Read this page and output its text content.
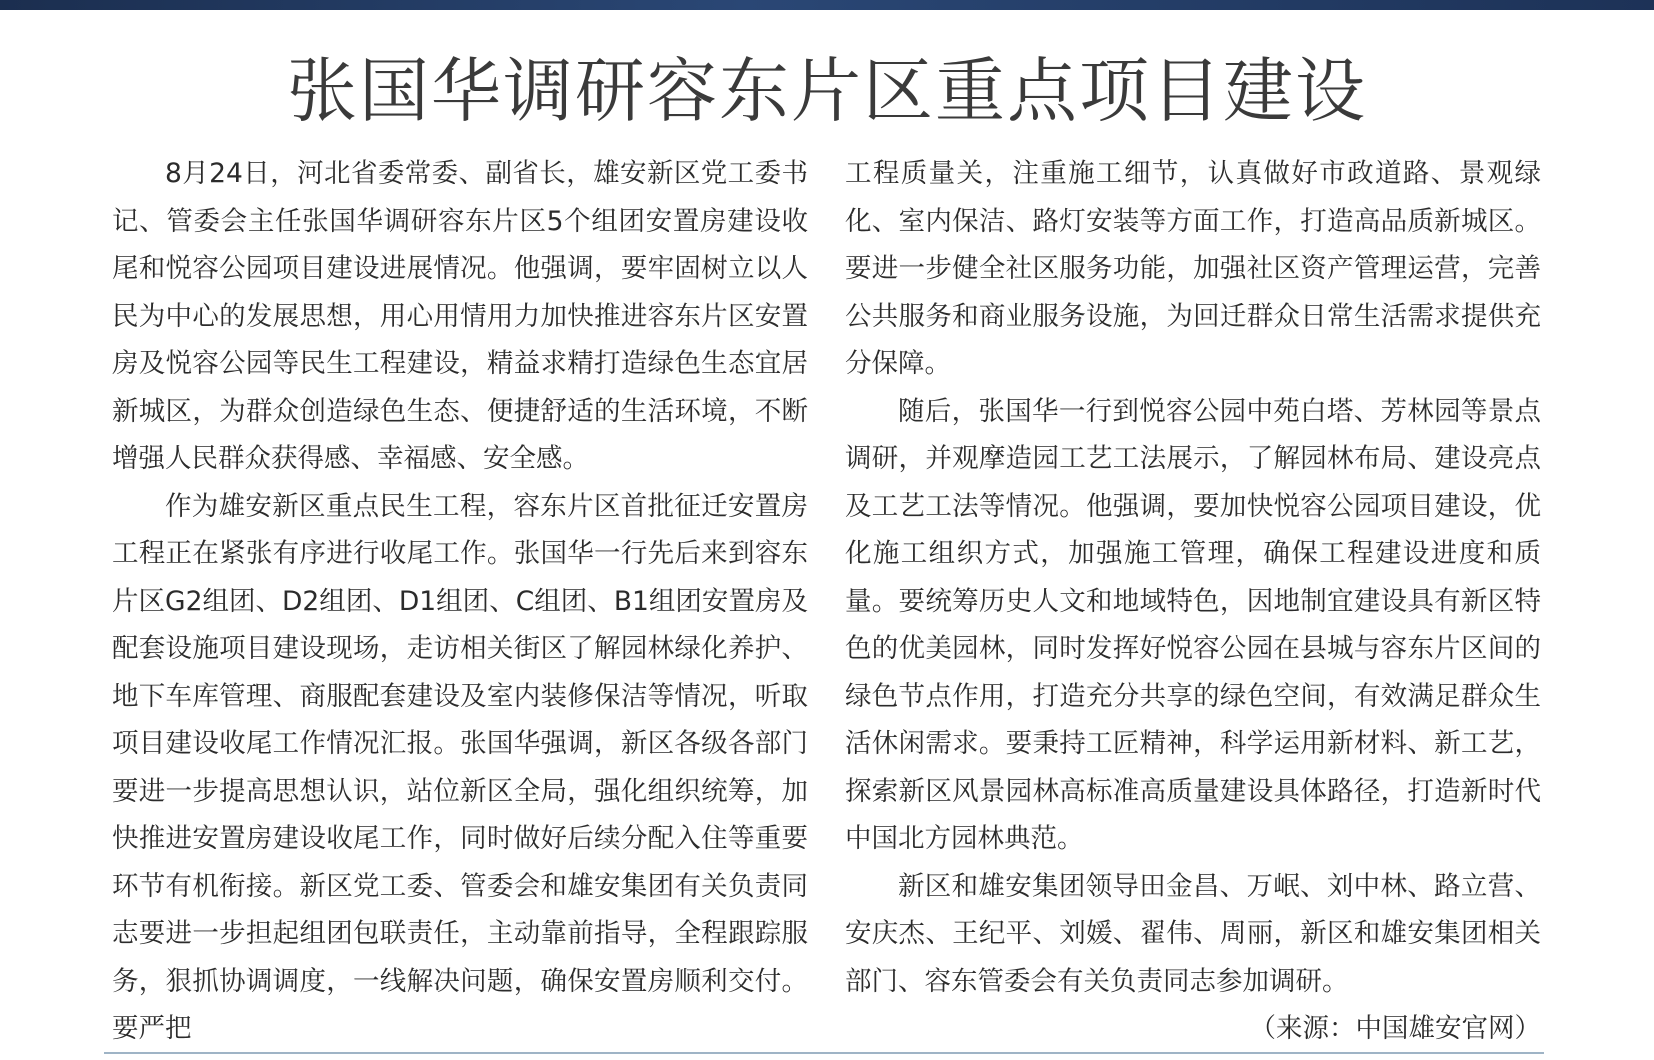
张国华调研容东片区重点项目建设

8月24日，河北省委常委、副省长，雄安新区党工委书记、管委会主任张国华调研容东片区5个组团安置房建设收尾和悦容公园项目建设进展情况。他强调，要牢固树立以人民为中心的发展思想，用心用情用力加快推进容东片区安置房及悦容公园等民生工程建设，精益求精打造绿色生态宜居新城区，为群众创造绿色生态、便捷舒适的生活环境，不断增强人民群众获得感、幸福感、安全感。

作为雄安新区重点民生工程，容东片区首批征迁安置房工程正在紧张有序进行收尾工作。张国华一行先后来到容东片区G2组团、D2组团、D1组团、C组团、B1组团安置房及配套设施项目建设现场，走访相关街区了解园林绿化养护、地下车库管理、商服配套建设及室内装修保洁等情况，听取项目建设收尾工作情况汇报。张国华强调，新区各级各部门要进一步提高思想认识，站位新区全局，强化组织统筹，加快推进安置房建设收尾工作，同时做好后续分配入住等重要环节有机衔接。新区党工委、管委会和雄安集团有关负责同志要进一步担起组团包联责任，主动靠前指导，全程跟踪服务，狠抓协调调度，一线解决问题，确保安置房顺利交付。要严把

工程质量关，注重施工细节，认真做好市政道路、景观绿化、室内保洁、路灯安装等方面工作，打造高品质新城区。要进一步健全社区服务功能，加强社区资产管理运营，完善公共服务和商业服务设施，为回迁群众日常生活需求提供充分保障。

随后，张国华一行到悦容公园中苑白塔、芳林园等景点调研，并观摩造园工艺工法展示，了解园林布局、建设亮点及工艺工法等情况。他强调，要加快悦容公园项目建设，优化施工组织方式，加强施工管理，确保工程建设进度和质量。要统筹历史人文和地域特色，因地制宜建设具有新区特色的优美园林，同时发挥好悦容公园在县城与容东片区间的绿色节点作用，打造充分共享的绿色空间，有效满足群众生活休闲需求。要秉持工匠精神，科学运用新材料、新工艺，探索新区风景园林高标准高质量建设具体路径，打造新时代中国北方园林典范。

新区和雄安集团领导田金昌、万岷、刘中林、路立营、安庆杰、王纪平、刘媛、翟伟、周丽，新区和雄安集团相关部门、容东管委会有关负责同志参加调研。

（来源：中国雄安官网）
